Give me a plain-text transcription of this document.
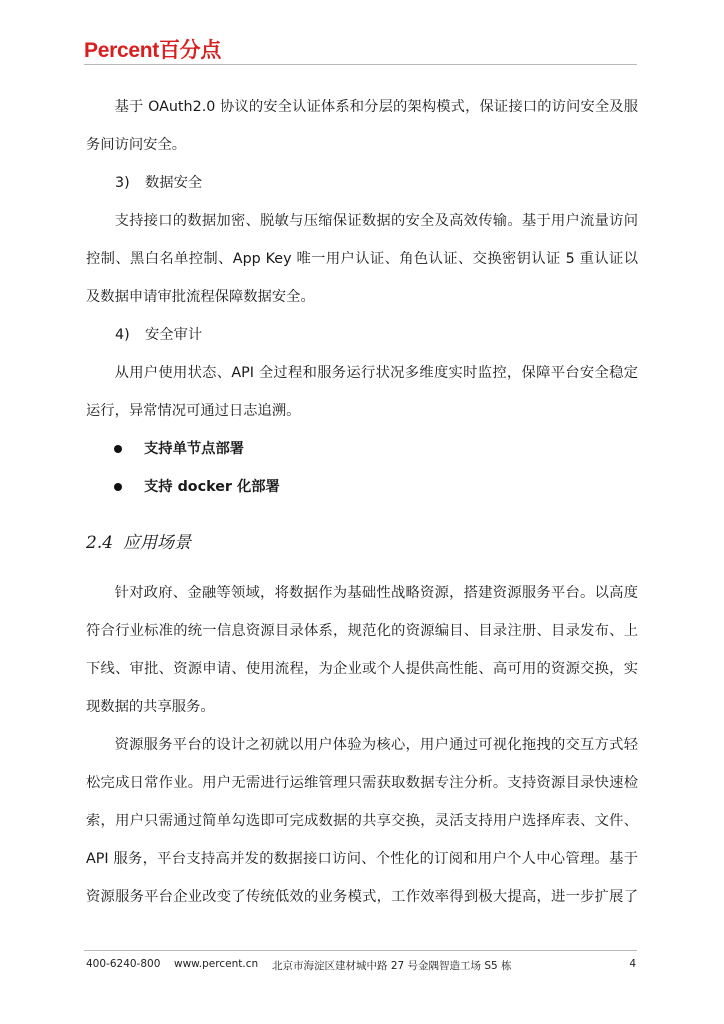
Percent百分点

基于 OAuth2.0 协议的安全认证体系和分层的架构模式，保证接口的访问安全及服务间访问安全。

3) 数据安全

支持接口的数据加密、脱敏与压缩保证数据的安全及高效传输。基于用户流量访问控制、黑白名单控制、App Key 唯一用户认证、角色认证、交换密钥认证 5 重认证以及数据申请审批流程保障数据安全。

4) 安全审计

从用户使用状态、API 全过程和服务运行状况多维度实时监控，保障平台安全稳定运行，异常情况可通过日志追溯。

支持单节点部署

支持 docker 化部署

2.4 应用场景

针对政府、金融等领域，将数据作为基础性战略资源，搭建资源服务平台。以高度符合行业标准的统一信息资源目录体系，规范化的资源编目、目录注册、目录发布、上下线、审批、资源申请、使用流程，为企业或个人提供高性能、高可用的资源交换，实现数据的共享服务。

资源服务平台的设计之初就以用户体验为核心，用户通过可视化拖拽的交互方式轻松完成日常作业。用户无需进行运维管理只需获取数据专注分析。支持资源目录快速检索，用户只需通过简单勾选即可完成数据的共享交换，灵活支持用户选择库表、文件、API 服务，平台支持高并发的数据接口访问、个性化的订阅和用户个人中心管理。基于资源服务平台企业改变了传统低效的业务模式，工作效率得到极大提高，进一步扩展了

400-6240-800	www.percent.cn	北京市海淀区建材城中路 27 号金隅智造工场 S5 栋	4
